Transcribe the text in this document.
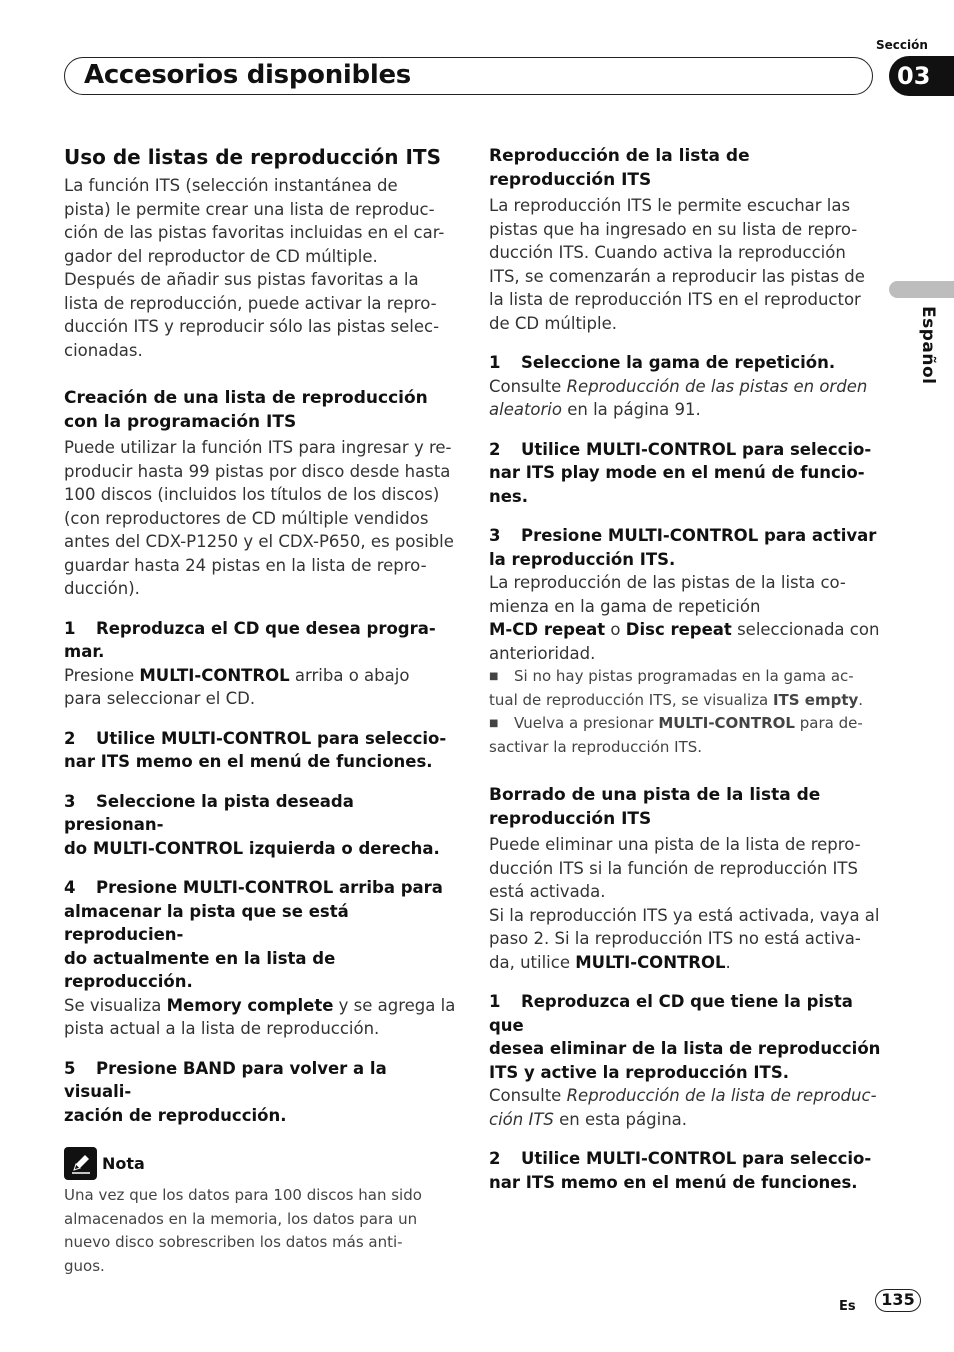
Sección
Accesorios disponibles	03
Español
Uso de listas de reproducción ITS
La función ITS (selección instantánea de
pista) le permite crear una lista de reproduc-
ción de las pistas favoritas incluidas en el car-
gador del reproductor de CD múltiple.
Después de añadir sus pistas favoritas a la
lista de reproducción, puede activar la repro-
ducción ITS y reproducir sólo las pistas selec-
cionadas.
Creación de una lista de reproducción
con la programación ITS
Puede utilizar la función ITS para ingresar y re-
producir hasta 99 pistas por disco desde hasta
100 discos (incluidos los títulos de los discos)
(con reproductores de CD múltiple vendidos
antes del CDX-P1250 y el CDX-P650, es posible
guardar hasta 24 pistas en la lista de repro-
ducción).
1 Reproduzca el CD que desea progra-
mar.
Presione MULTI-CONTROL arriba o abajo
para seleccionar el CD.
2 Utilice MULTI-CONTROL para seleccio-
nar ITS memo en el menú de funciones.
3 Seleccione la pista deseada presionan-
do MULTI-CONTROL izquierda o derecha.
4 Presione MULTI-CONTROL arriba para
almacenar la pista que se está reproducien-
do actualmente en la lista de reproducción.
Se visualiza Memory complete y se agrega la
pista actual a la lista de reproducción.
5 Presione BAND para volver a la visuali-
zación de reproducción.
Nota
Una vez que los datos para 100 discos han sido
almacenados en la memoria, los datos para un
nuevo disco sobrescriben los datos más anti-
guos.
Reproducción de la lista de
reproducción ITS
La reproducción ITS le permite escuchar las
pistas que ha ingresado en su lista de repro-
ducción ITS. Cuando activa la reproducción
ITS, se comenzarán a reproducir las pistas de
la lista de reproducción ITS en el reproductor
de CD múltiple.
1 Seleccione la gama de repetición.
Consulte Reproducción de las pistas en orden
aleatorio en la página 91.
2 Utilice MULTI-CONTROL para seleccio-
nar ITS play mode en el menú de funcio-
nes.
3 Presione MULTI-CONTROL para activar
la reproducción ITS.
La reproducción de las pistas de la lista co-
mienza en la gama de repetición
M-CD repeat o Disc repeat seleccionada con
anterioridad.
■ Si no hay pistas programadas en la gama ac-
tual de reproducción ITS, se visualiza ITS empty.
■ Vuelva a presionar MULTI-CONTROL para de-
sactivar la reproducción ITS.
Borrado de una pista de la lista de
reproducción ITS
Puede eliminar una pista de la lista de repro-
ducción ITS si la función de reproducción ITS
está activada.
Si la reproducción ITS ya está activada, vaya al
paso 2. Si la reproducción ITS no está activa-
da, utilice MULTI-CONTROL.
1 Reproduzca el CD que tiene la pista que
desea eliminar de la lista de reproducción
ITS y active la reproducción ITS.
Consulte Reproducción de la lista de reproduc-
ción ITS en esta página.
2 Utilice MULTI-CONTROL para seleccio-
nar ITS memo en el menú de funciones.
Es	135
